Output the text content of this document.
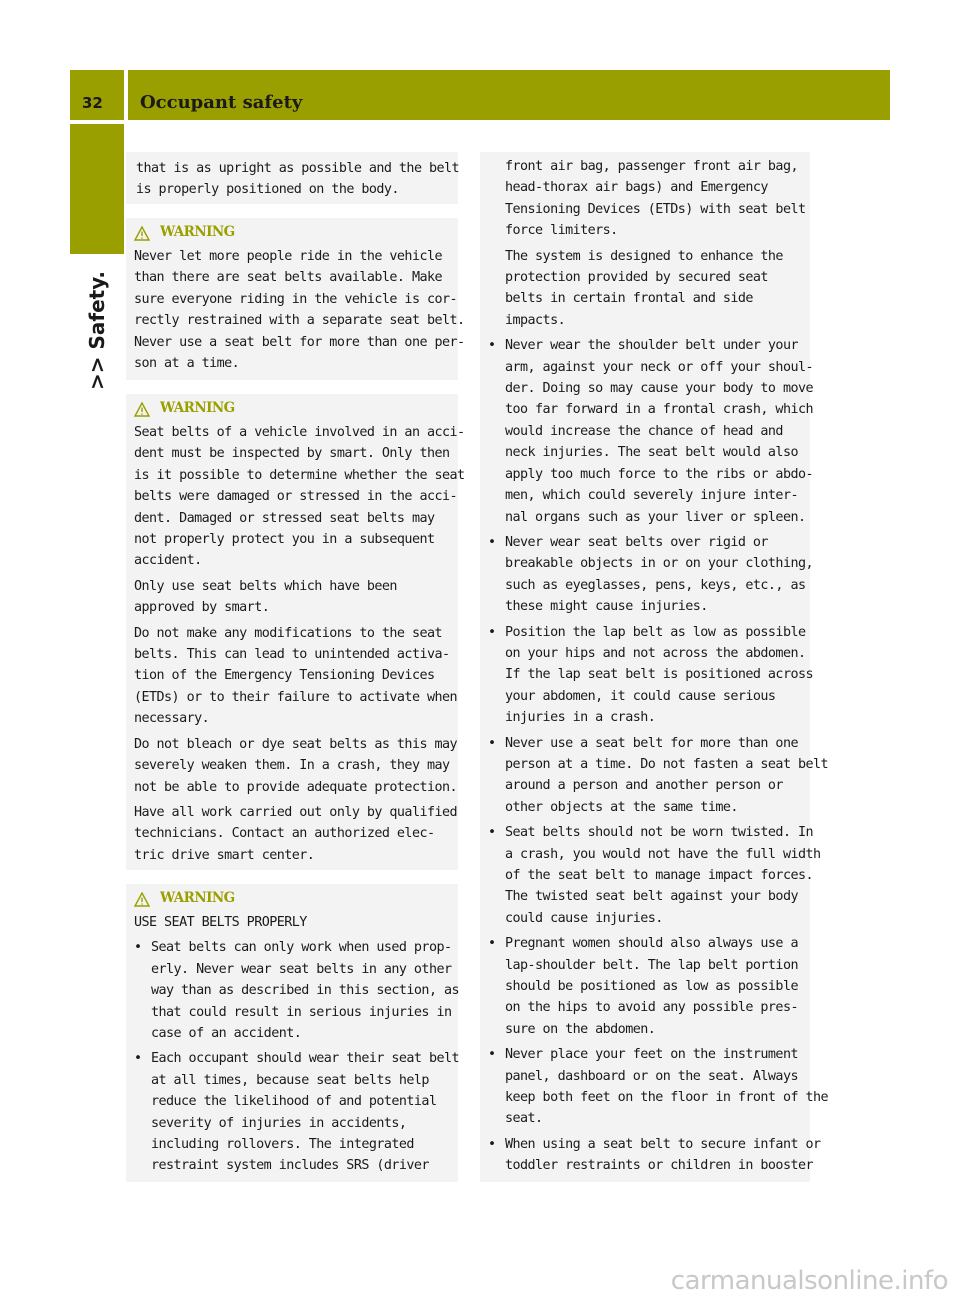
32 Occupant safety
>> Safety.
that is as upright as possible and the belt
is properly positioned on the body.
WARNING
Never let more people ride in the vehicle
than there are seat belts available. Make
sure everyone riding in the vehicle is cor-
rectly restrained with a separate seat belt.
Never use a seat belt for more than one per-
son at a time.
WARNING
Seat belts of a vehicle involved in an acci-
dent must be inspected by smart. Only then
is it possible to determine whether the seat
belts were damaged or stressed in the acci-
dent. Damaged or stressed seat belts may
not properly protect you in a subsequent
accident.
Only use seat belts which have been
approved by smart.
Do not make any modifications to the seat
belts. This can lead to unintended activa-
tion of the Emergency Tensioning Devices
(ETDs) or to their failure to activate when
necessary.
Do not bleach or dye seat belts as this may
severely weaken them. In a crash, they may
not be able to provide adequate protection.
Have all work carried out only by qualified
technicians. Contact an authorized elec-
tric drive smart center.
WARNING
USE SEAT BELTS PROPERLY
• Seat belts can only work when used prop-
erly. Never wear seat belts in any other
way than as described in this section, as
that could result in serious injuries in
case of an accident.
• Each occupant should wear their seat belt
at all times, because seat belts help
reduce the likelihood of and potential
severity of injuries in accidents,
including rollovers. The integrated
restraint system includes SRS (driver
front air bag, passenger front air bag,
head-thorax air bags) and Emergency
Tensioning Devices (ETDs) with seat belt
force limiters.
The system is designed to enhance the
protection provided by secured seat
belts in certain frontal and side
impacts.
• Never wear the shoulder belt under your
arm, against your neck or off your shoul-
der. Doing so may cause your body to move
too far forward in a frontal crash, which
would increase the chance of head and
neck injuries. The seat belt would also
apply too much force to the ribs or abdo-
men, which could severely injure inter-
nal organs such as your liver or spleen.
• Never wear seat belts over rigid or
breakable objects in or on your clothing,
such as eyeglasses, pens, keys, etc., as
these might cause injuries.
• Position the lap belt as low as possible
on your hips and not across the abdomen.
If the lap seat belt is positioned across
your abdomen, it could cause serious
injuries in a crash.
• Never use a seat belt for more than one
person at a time. Do not fasten a seat belt
around a person and another person or
other objects at the same time.
• Seat belts should not be worn twisted. In
a crash, you would not have the full width
of the seat belt to manage impact forces.
The twisted seat belt against your body
could cause injuries.
• Pregnant women should also always use a
lap-shoulder belt. The lap belt portion
should be positioned as low as possible
on the hips to avoid any possible pres-
sure on the abdomen.
• Never place your feet on the instrument
panel, dashboard or on the seat. Always
keep both feet on the floor in front of the
seat.
• When using a seat belt to secure infant or
toddler restraints or children in booster
carmanualsonline.info
